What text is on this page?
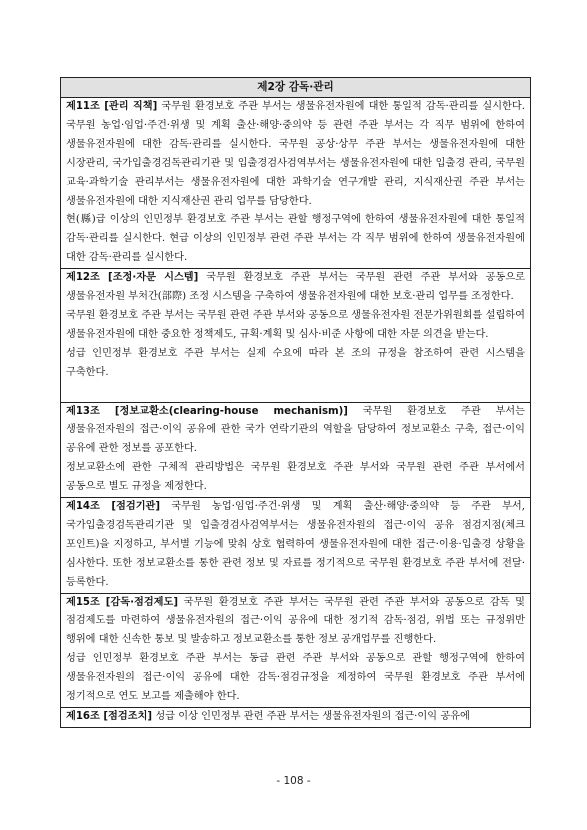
제2장 감독·관리

제11조 [관리 직책] 국무원 환경보호 주관 부서는 생물유전자원에 대한 통일적 감독·관리를 실시한다. 국무원 농업·임업·주건·위생 및 계획 출산·해양·중의약 등 관련 주관 부서는 각 직무 범위에 한하여 생물유전자원에 대한 감독·관리를 실시한다. 국무원 공상·상무 주관 부서는 생물유전자원에 대한 시장관리, 국가입출경검독관리기관 및 입출경검사검역부서는 생물유전자원에 대한 입출경 관리, 국무원 교육·과학기술 관리부서는 생물유전자원에 대한 과학기술 연구개발 관리, 지식재산권 주관 부서는 생물유전자원에 대한 지식재산권 관리 업무를 담당한다.

현(縣)급 이상의 인민정부 환경보호 주관 부서는 관할 행정구역에 한하여 생물유전자원에 대한 통일적 감독·관리를 실시한다. 현급 이상의 인민정부 관련 주관 부서는 각 직무 범위에 한하여 생물유전자원에 대한 감독·관리를 실시한다.

제12조 [조정·자문 시스템] 국무원 환경보호 주관 부서는 국무원 관련 주관 부서와 공동으로 생물유전자원 부처간(部際) 조정 시스템을 구축하여 생물유전자원에 대한 보호·관리 업무를 조정한다.

국무원 환경보호 주관 부서는 국무원 관련 주관 부서와 공동으로 생물유전자원 전문가위원회를 설립하여 생물유전자원에 대한 중요한 정책제도, 규획·계획 및 심사·비준 사항에 대한 자문 의견을 받는다.

성급 인민정부 환경보호 주관 부서는 실제 수요에 따라 본 조의 규정을 참조하여 관련 시스템을 구축한다.

제13조 [정보교환소(clearing-house mechanism)] 국무원 환경보호 주관 부서는 생물유전자원의 접근·이익 공유에 관한 국가 연락기관의 역할을 담당하여 정보교환소 구축, 접근·이익 공유에 관한 정보를 공포한다.

정보교환소에 관한 구체적 관리방법은 국무원 환경보호 주관 부서와 국무원 관련 주관 부서에서 공동으로 별도 규정을 제정한다.

제14조 [점검기관] 국무원 농업·임업·주건·위생 및 계획 출산·해양·중의약 등 주관 부서, 국가입출경검독관리기관 및 입출경검사검역부서는 생물유전자원의 접근·이익 공유 점검지점(체크 포인트)을 지정하고, 부서별 기능에 맞춰 상호 협력하여 생물유전자원에 대한 접근·이용·입출경 상황을 심사한다. 또한 정보교환소를 통한 관련 정보 및 자료를 정기적으로 국무원 환경보호 주관 부서에 전달·등록한다.

제15조 [감독·점검제도] 국무원 환경보호 주관 부서는 국무원 관련 주관 부서와 공동으로 감독 및 점검제도를 마련하여 생물유전자원의 접근·이익 공유에 대한 정기적 감독·점검, 위법 또는 규정위반 행위에 대한 신속한 통보 및 발송하고 정보교환소를 통한 정보 공개업무를 진행한다.

성급 인민정부 환경보호 주관 부서는 동급 관련 주관 부서와 공동으로 관할 행정구역에 한하여 생물유전자원의 접근·이익 공유에 대한 감독·점검규정을 제정하여 국무원 환경보호 주관 부서에 정기적으로 연도 보고를 제출해야 한다.

제16조 [점검조치] 성급 이상 인민정부 관련 주관 부서는 생물유전자원의 접근·이익 공유에

- 108 -
